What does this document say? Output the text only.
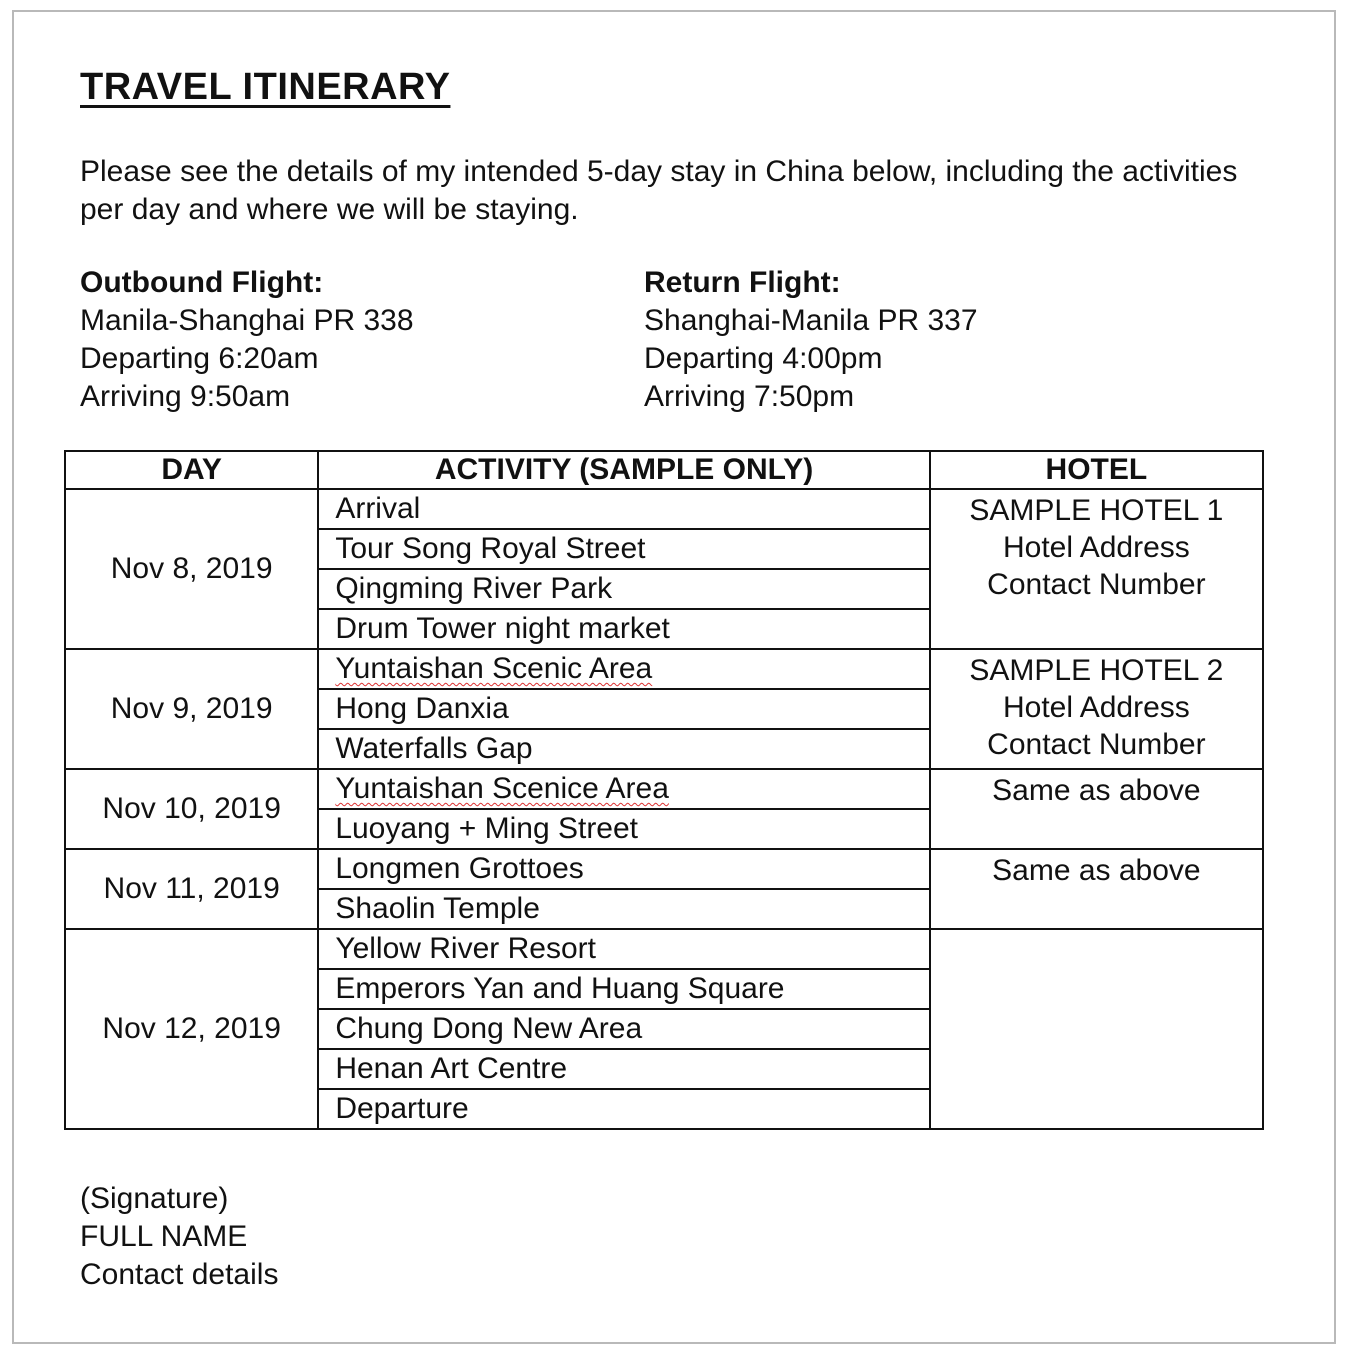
TRAVEL ITINERARY

Please see the details of my intended 5-day stay in China below, including the activities per day and where we will be staying.

Outbound Flight:
Manila-Shanghai PR 338
Departing 6:20am
Arriving 9:50am
Return Flight:
Shanghai-Manila PR 337
Departing 4:00pm
Arriving 7:50pm
DAY	ACTIVITY (SAMPLE ONLY)	HOTEL
Nov 8, 2019	Arrival	SAMPLE HOTEL 1
Hotel Address
Contact Number

	Tour Song Royal Street	
	Qingming River Park	
	Drum Tower night market	
Nov 9, 2019	Yuntaishan Scenic Area	SAMPLE HOTEL 2
Hotel Address
Contact Number

	Hong Danxia	
	Waterfalls Gap	
Nov 10, 2019	Yuntaishan Scenice Area	Same as above

	Luoyang + Ming Street	
Nov 11, 2019	Longmen Grottoes	Same as above

	Shaolin Temple	
Nov 12, 2019	Yellow River Resort	
	Emperors Yan and Huang Square	
	Chung Dong New Area	
	Henan Art Centre	
	Departure	
(Signature)
FULL NAME
Contact details
